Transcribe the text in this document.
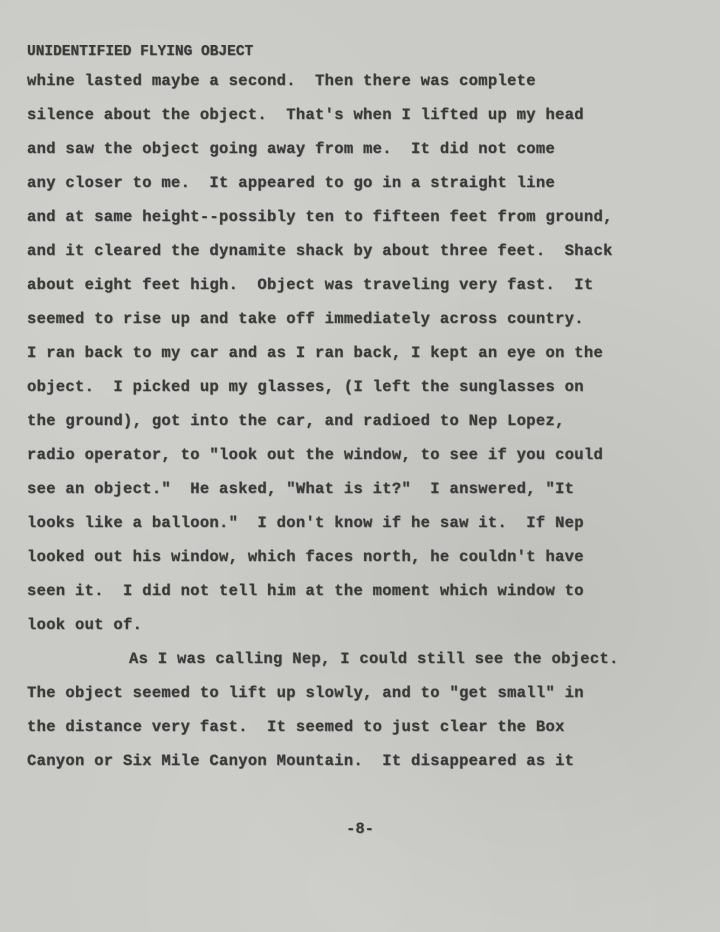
UNIDENTIFIED FLYING OBJECT
whine lasted maybe a second.  Then there was complete
silence about the object.  That's when I lifted up my head
and saw the object going away from me.  It did not come
any closer to me.  It appeared to go in a straight line
and at same height--possibly ten to fifteen feet from ground,
and it cleared the dynamite shack by about three feet.  Shack
about eight feet high.  Object was traveling very fast.  It
seemed to rise up and take off immediately across country.
I ran back to my car and as I ran back, I kept an eye on the
object.  I picked up my glasses, (I left the sunglasses on
the ground), got into the car, and radioed to Nep Lopez,
radio operator, to "look out the window, to see if you could
see an object."  He asked, "What is it?"  I answered, "It
looks like a balloon."  I don't know if he saw it.  If Nep
looked out his window, which faces north, he couldn't have
seen it.  I did not tell him at the moment which window to
look out of.
As I was calling Nep, I could still see the object.
The object seemed to lift up slowly, and to "get small" in
the distance very fast.  It seemed to just clear the Box
Canyon or Six Mile Canyon Mountain.  It disappeared as it
-8-
